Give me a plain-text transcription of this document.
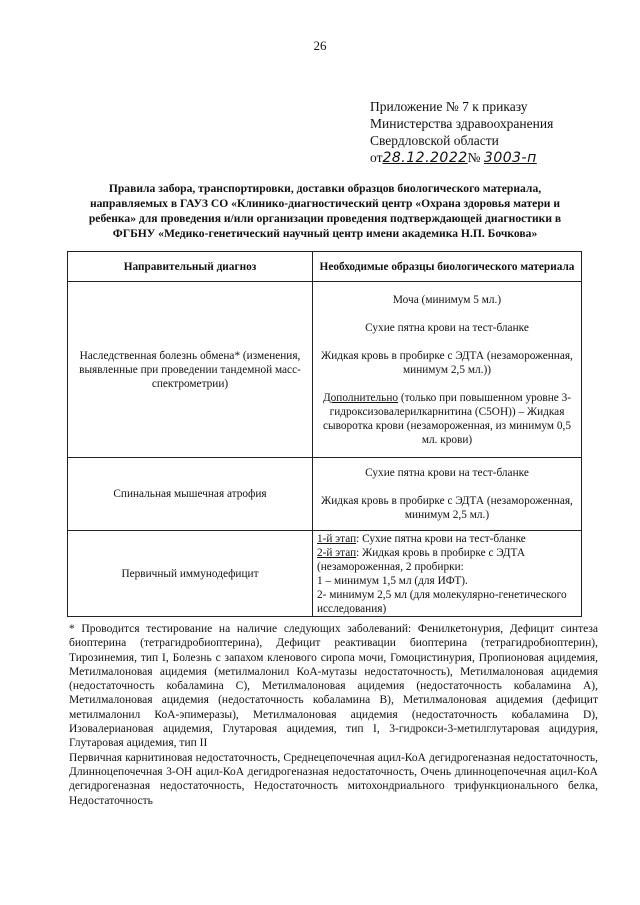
26
Приложение № 7 к приказу
Министерства здравоохранения
Свердловской области
от28.12.2022№ 3003-п
Правила забора, транспортировки, доставки образцов биологического материала, направляемых в ГАУЗ СО «Клинико-диагностический центр «Охрана здоровья матери и ребенка» для проведения и/или организации проведения подтверждающей диагностики в ФГБНУ «Медико-генетический научный центр имени академика Н.П. Бочкова»
Направительный диагноз	Необходимые образцы биологического материала
Наследственная болезнь обмена* (изменения, выявленные при проведении тандемной масс-спектрометрии)	Моча (минимум 5 мл.)
Сухие пятна крови на тест-бланке
Жидкая кровь в пробирке с ЭДТА (незамороженная, минимум 2,5 мл.))
Дополнительно (только при повышенном уровне 3-гидроксизовалерилкарнитина (С5ОН)) – Жидкая сыворотка крови (незамороженная, из минимум 0,5 мл. крови)

Спинальная мышечная атрофия	Сухие пятна крови на тест-бланке
Жидкая кровь в пробирке с ЭДТА (незамороженная, минимум 2,5 мл.)

Первичный иммунодефицит	1-й этап: Сухие пятна крови на тест-бланке
2-й этап: Жидкая кровь в пробирке с ЭДТА (незамороженная, 2 пробирки:
1 – минимум 1,5 мл (для ИФТ).
2- минимум 2,5 мл (для молекулярно-генетического исследования)

* Проводится тестирование на наличие следующих заболеваний: Фенилкетонурия, Дефицит синтеза биоптерина (тетрагидробиоптерина), Дефицит реактивации биоптерина (тетрагидробиоптерин), Тирозинемия, тип I, Болезнь с запахом кленового сиропа мочи, Гомоцистинурия, Пропионовая ацидемия, Метилмалоновая ацидемия (метилмалонил КоА-мутазы недостаточность), Метилмалоновая ацидемия (недостаточность кобаламина С), Метилмалоновая ацидемия (недостаточность кобаламина А), Метилмалоновая ацидемия (недостаточность кобаламина В), Метилмалоновая ацидемия (дефицит метилмалонил КоА-эпимеразы), Метилмалоновая ацидемия (недостаточность кобаламина D), Изовалериановая ацидемия, Глутаровая ацидемия, тип I, 3-гидрокси-3-метилглутаровая ацидурия, Глутаровая ацидемия, тип II

Первичная карнитиновая недостаточность, Среднецепочечная ацил-КоА дегидрогеназная недостаточность, Длинноцепочечная 3-ОН ацил-КоА дегидрогеназная недостаточность, Очень длинноцепочечная ацил-КоА дегидрогеназная недостаточность, Недостаточность митохондриального трифункционального белка, Недостаточность
